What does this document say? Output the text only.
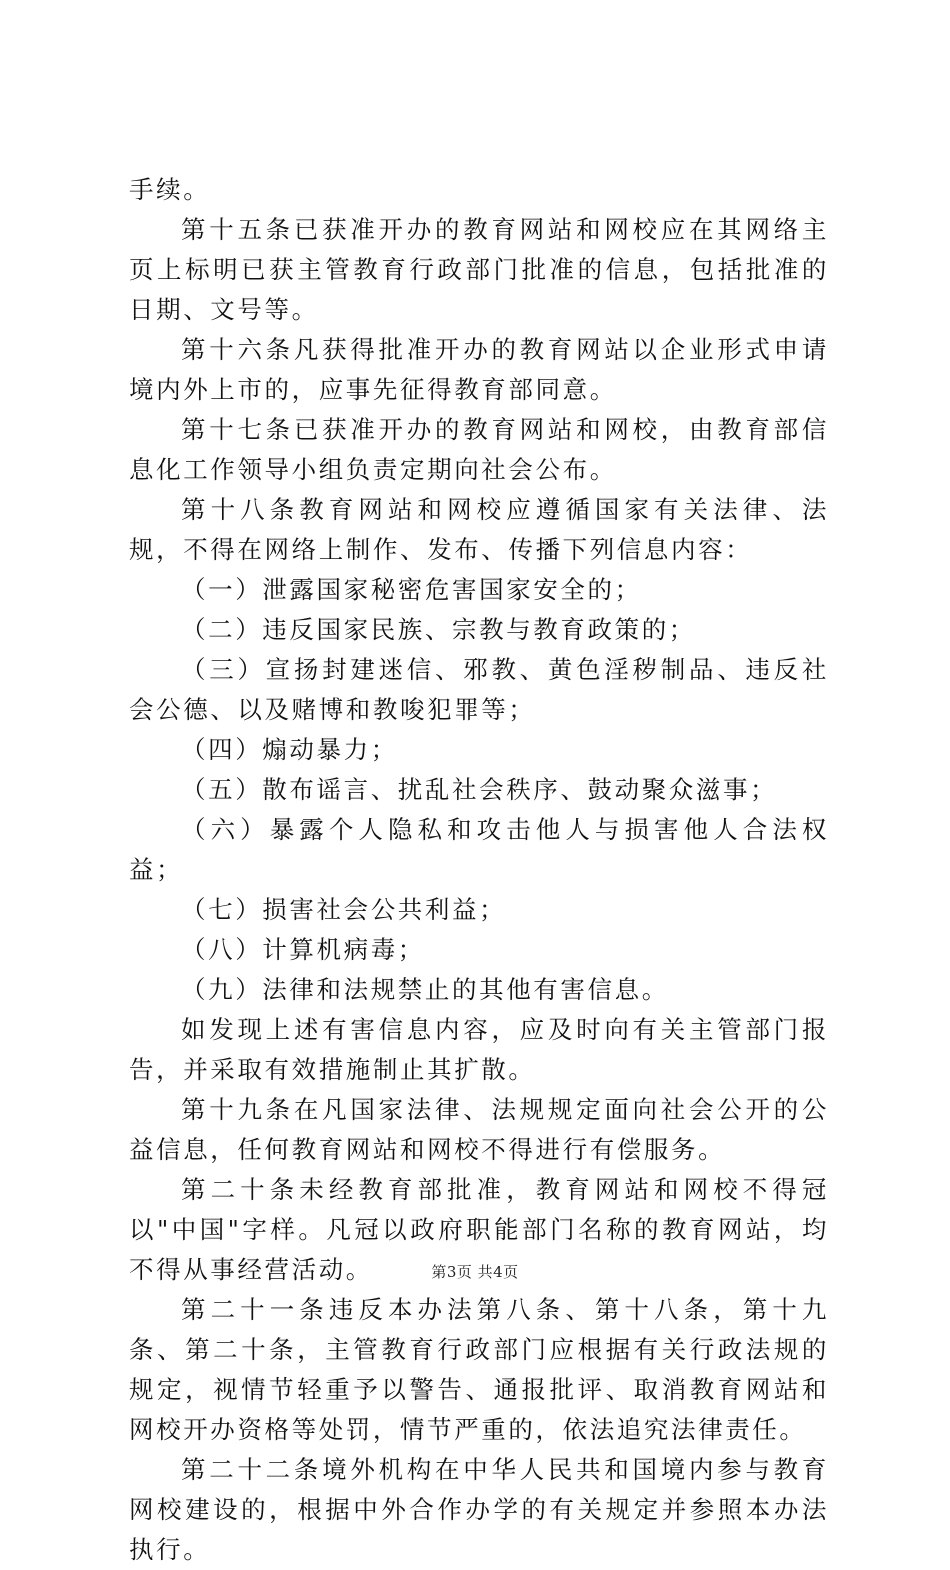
手续。

第十五条已获准开办的教育网站和网校应在其网络主页上标明已获主管教育行政部门批准的信息，包括批准的日期、文号等。

第十六条凡获得批准开办的教育网站以企业形式申请境内外上市的，应事先征得教育部同意。

第十七条已获准开办的教育网站和网校，由教育部信息化工作领导小组负责定期向社会公布。

第十八条教育网站和网校应遵循国家有关法律、法规，不得在网络上制作、发布、传播下列信息内容：

（一）泄露国家秘密危害国家安全的；

（二）违反国家民族、宗教与教育政策的；

（三）宣扬封建迷信、邪教、黄色淫秽制品、违反社会公德、以及赌博和教唆犯罪等；

（四）煽动暴力；

（五）散布谣言、扰乱社会秩序、鼓动聚众滋事；

（六）暴露个人隐私和攻击他人与损害他人合法权益；

（七）损害社会公共利益；

（八）计算机病毒；

（九）法律和法规禁止的其他有害信息。

如发现上述有害信息内容，应及时向有关主管部门报告，并采取有效措施制止其扩散。

第十九条在凡国家法律、法规规定面向社会公开的公益信息，任何教育网站和网校不得进行有偿服务。

第二十条未经教育部批准，教育网站和网校不得冠以"中国"字样。凡冠以政府职能部门名称的教育网站，均不得从事经营活动。

第二十一条违反本办法第八条、第十八条，第十九条、第二十条，主管教育行政部门应根据有关行政法规的规定，视情节轻重予以警告、通报批评、取消教育网站和网校开办资格等处罚，情节严重的，依法追究法律责任。

第二十二条境外机构在中华人民共和国境内参与教育网校建设的，根据中外合作办学的有关规定并参照本办法执行。

第3页 共4页
